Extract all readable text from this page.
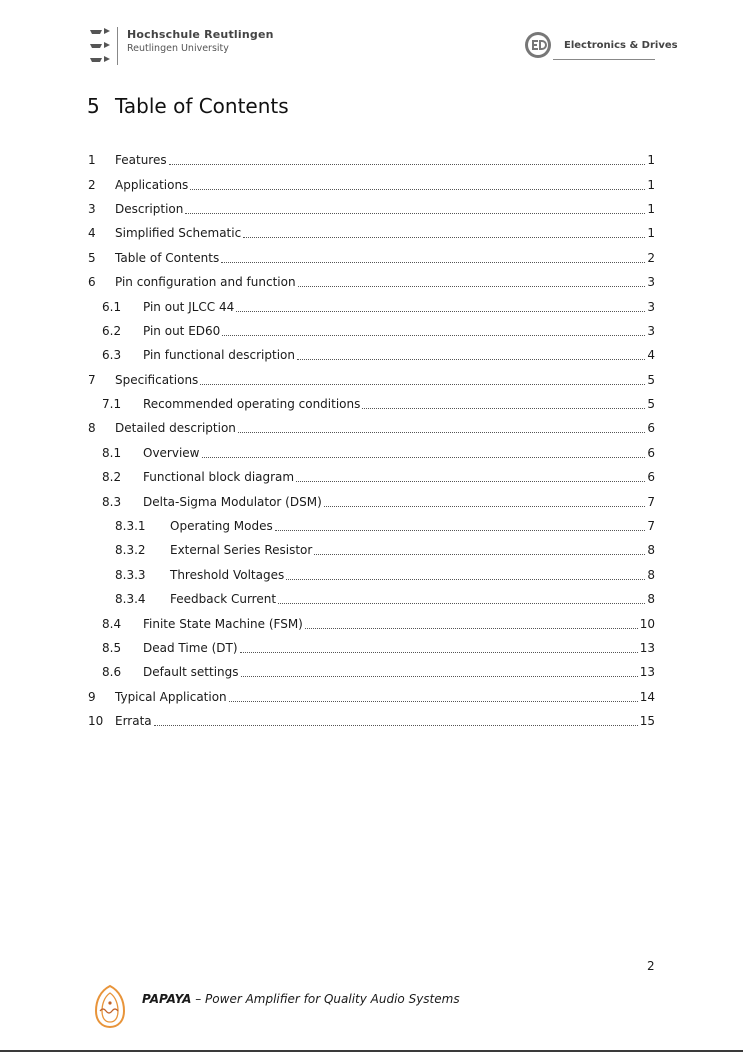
Hochschule Reutlingen
Reutlingen University	Electronics & Drives
5 Table of Contents
1	Features	1
2	Applications	1
3	Description	1
4	Simplified Schematic	1
5	Table of Contents	2
6	Pin configuration and function	3
6.1	Pin out JLCC 44	3
6.2	Pin out ED60	3
6.3	Pin functional description	4
7	Specifications	5
7.1	Recommended operating conditions	5
8	Detailed description	6
8.1	Overview	6
8.2	Functional block diagram	6
8.3	Delta-Sigma Modulator (DSM)	7
8.3.1	Operating Modes	7
8.3.2	External Series Resistor	8
8.3.3	Threshold Voltages	8
8.3.4	Feedback Current	8
8.4	Finite State Machine (FSM)	10
8.5	Dead Time (DT)	13
8.6	Default settings	13
9	Typical Application	14
10 Errata	15
2
PAPAYA – Power Amplifier for Quality Audio Systems
